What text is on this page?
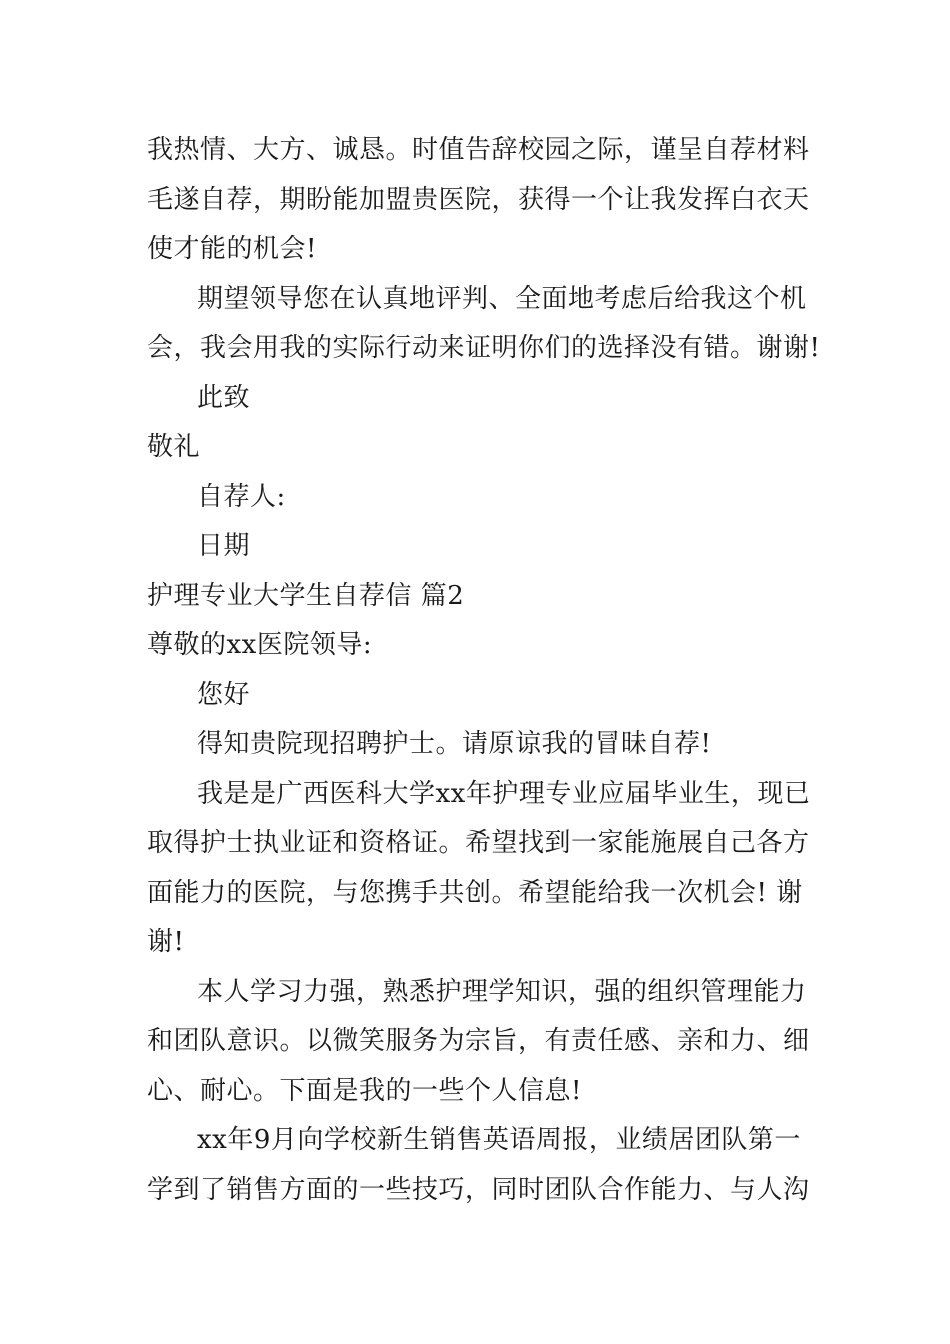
我热情、大方、诚恳。时值告辞校园之际，谨呈自荐材料
毛遂自荐，期盼能加盟贵医院，获得一个让我发挥白衣天
使才能的机会!
期望领导您在认真地评判、全面地考虑后给我这个机
会，我会用我的实际行动来证明你们的选择没有错。谢谢!
此致
敬礼
自荐人:
日期
护理专业大学生自荐信 篇2
尊敬的xx医院领导:
您好
得知贵院现招聘护士。请原谅我的冒昧自荐!
我是是广西医科大学xx年护理专业应届毕业生，现已
取得护士执业证和资格证。希望找到一家能施展自己各方
面能力的医院，与您携手共创。希望能给我一次机会! 谢
谢!
本人学习力强，熟悉护理学知识，强的组织管理能力
和团队意识。以微笑服务为宗旨，有责任感、亲和力、细
心、耐心。下面是我的一些个人信息!
xx年9月向学校新生销售英语周报，业绩居团队第一
学到了销售方面的一些技巧，同时团队合作能力、与人沟
